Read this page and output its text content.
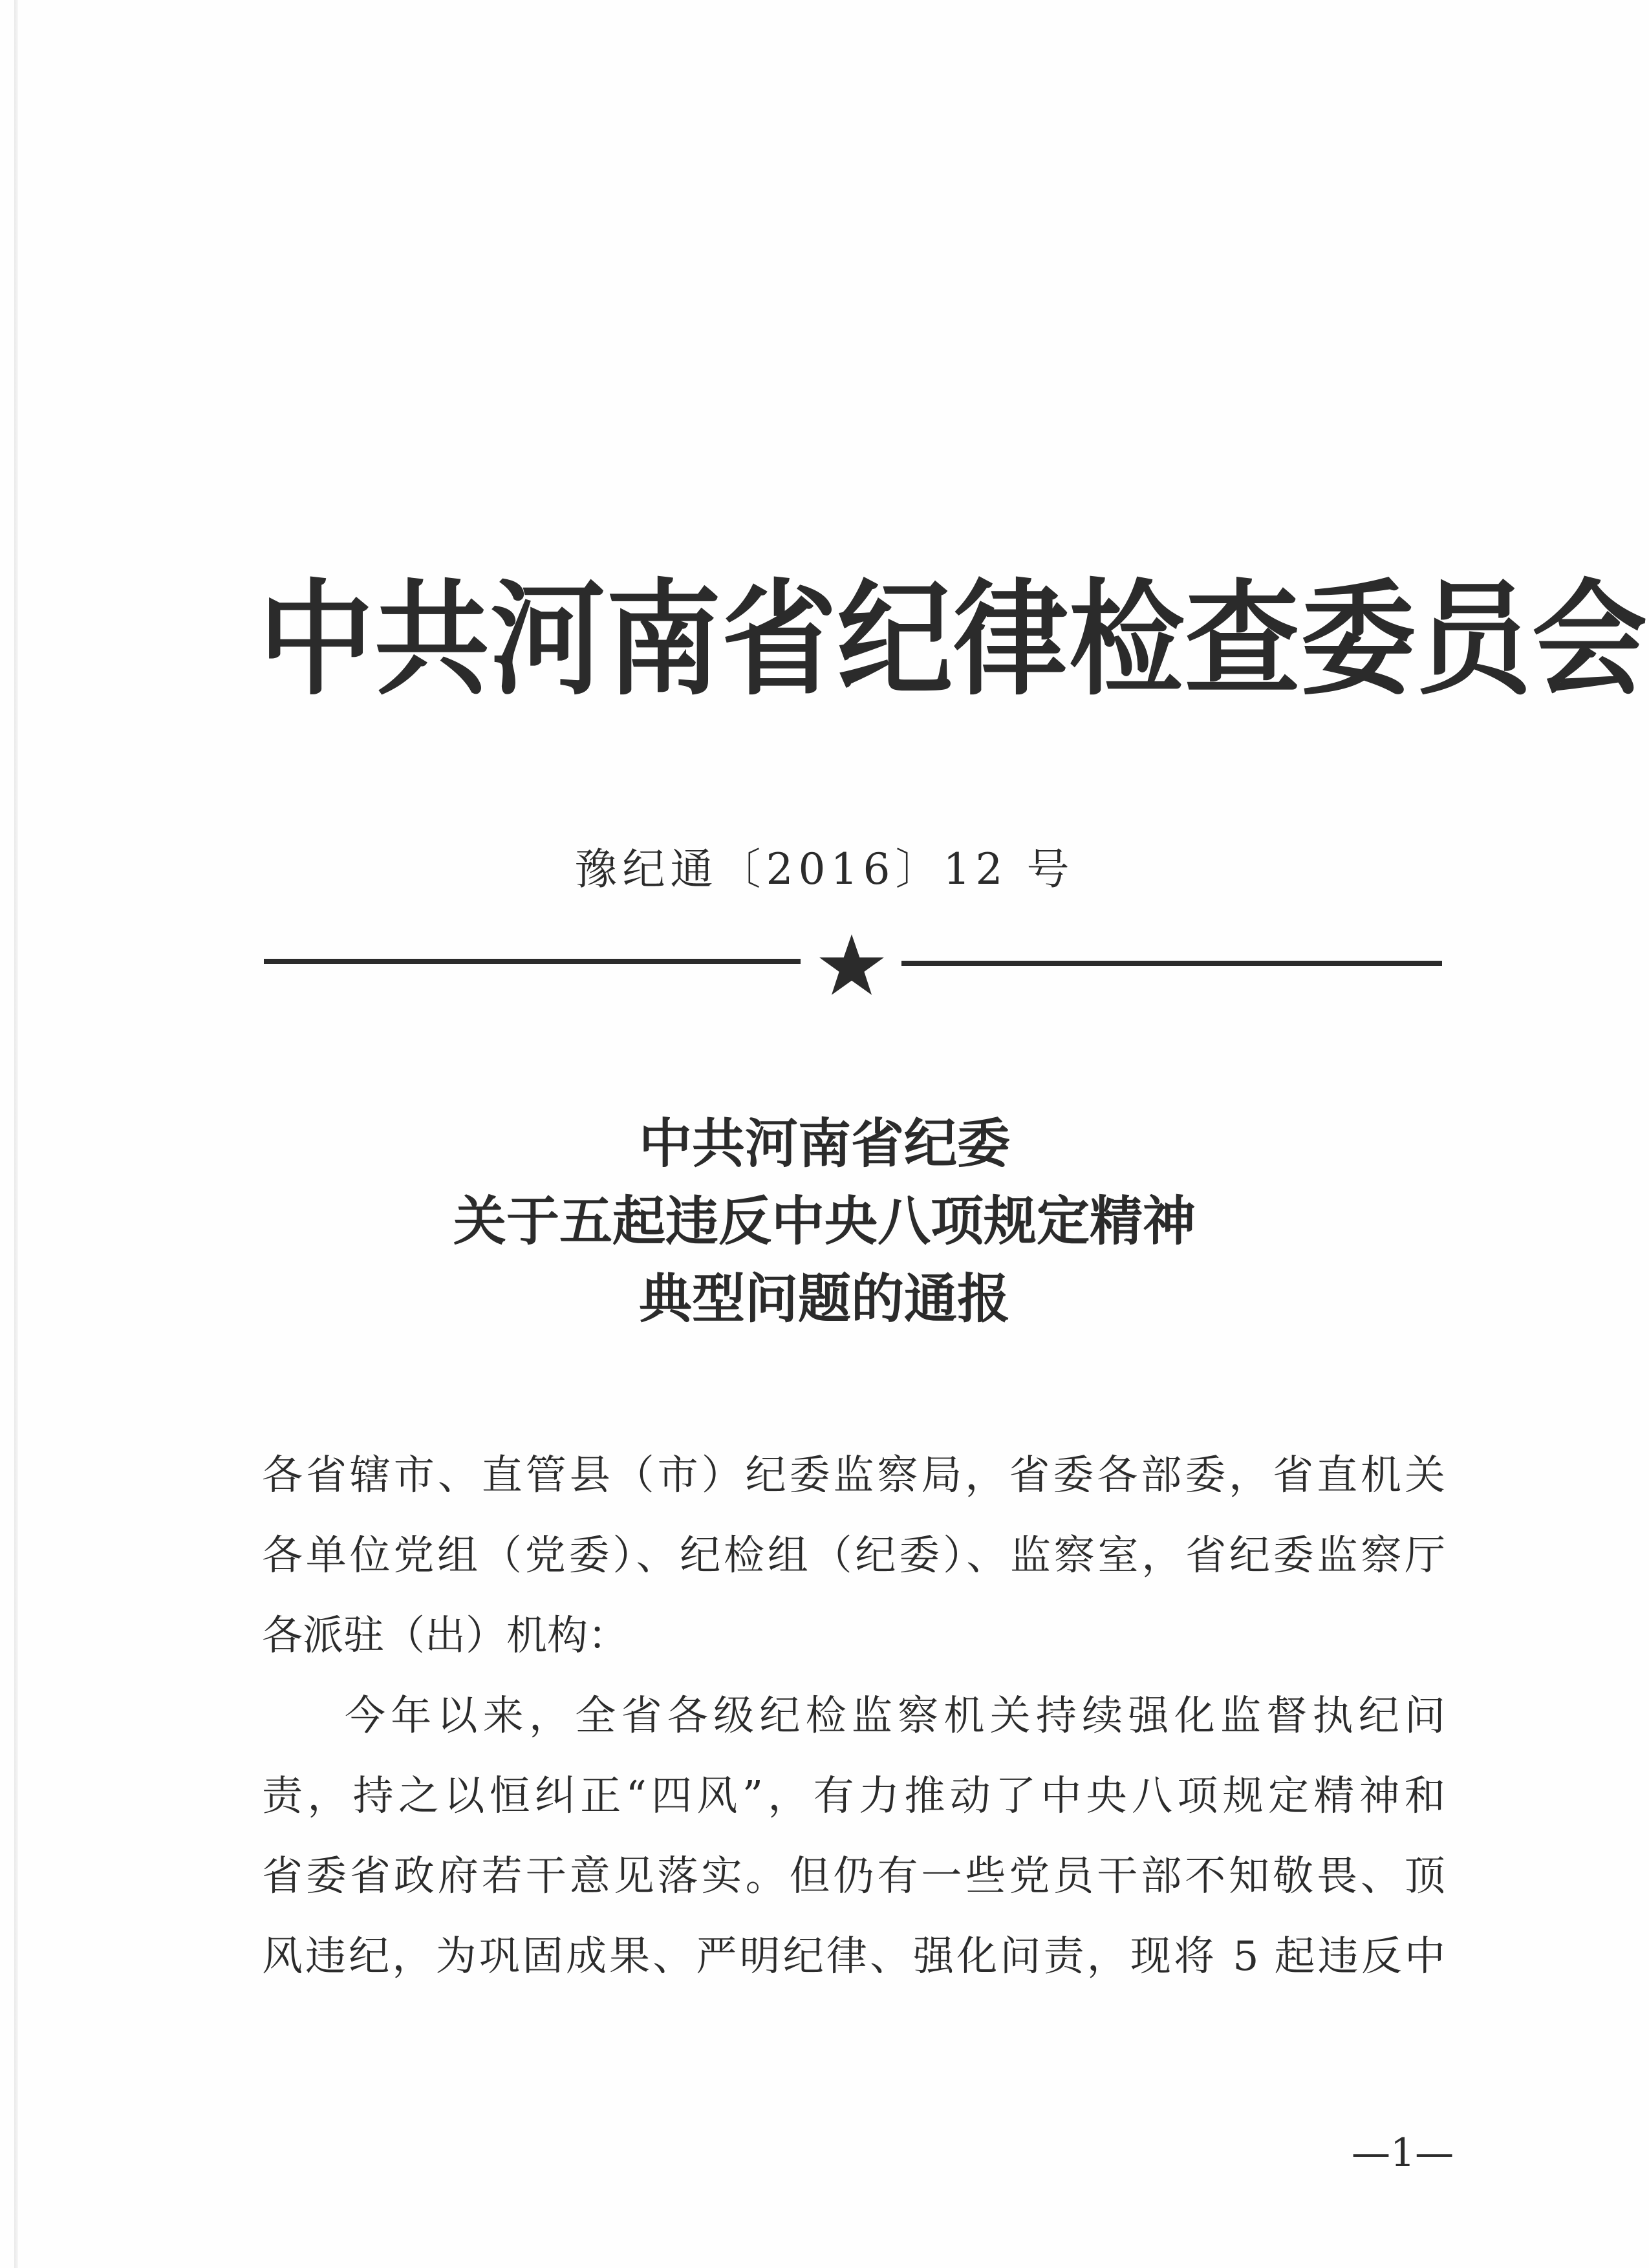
中共河南省纪律检查委员会
豫纪通〔2016〕12 号
中共河南省纪委
关于五起违反中央八项规定精神
典型问题的通报
各省辖市、直管县（市）纪委监察局，省委各部委，省直机关
各单位党组（党委）、纪检组（纪委）、监察室，省纪委监察厅
各派驻（出）机构：
今年以来，全省各级纪检监察机关持续强化监督执纪问
责，持之以恒纠正“四风”，有力推动了中央八项规定精神和
省委省政府若干意见落实。但仍有一些党员干部不知敬畏、顶
风违纪，为巩固成果、严明纪律、强化问责，现将 5 起违反中
—1—
